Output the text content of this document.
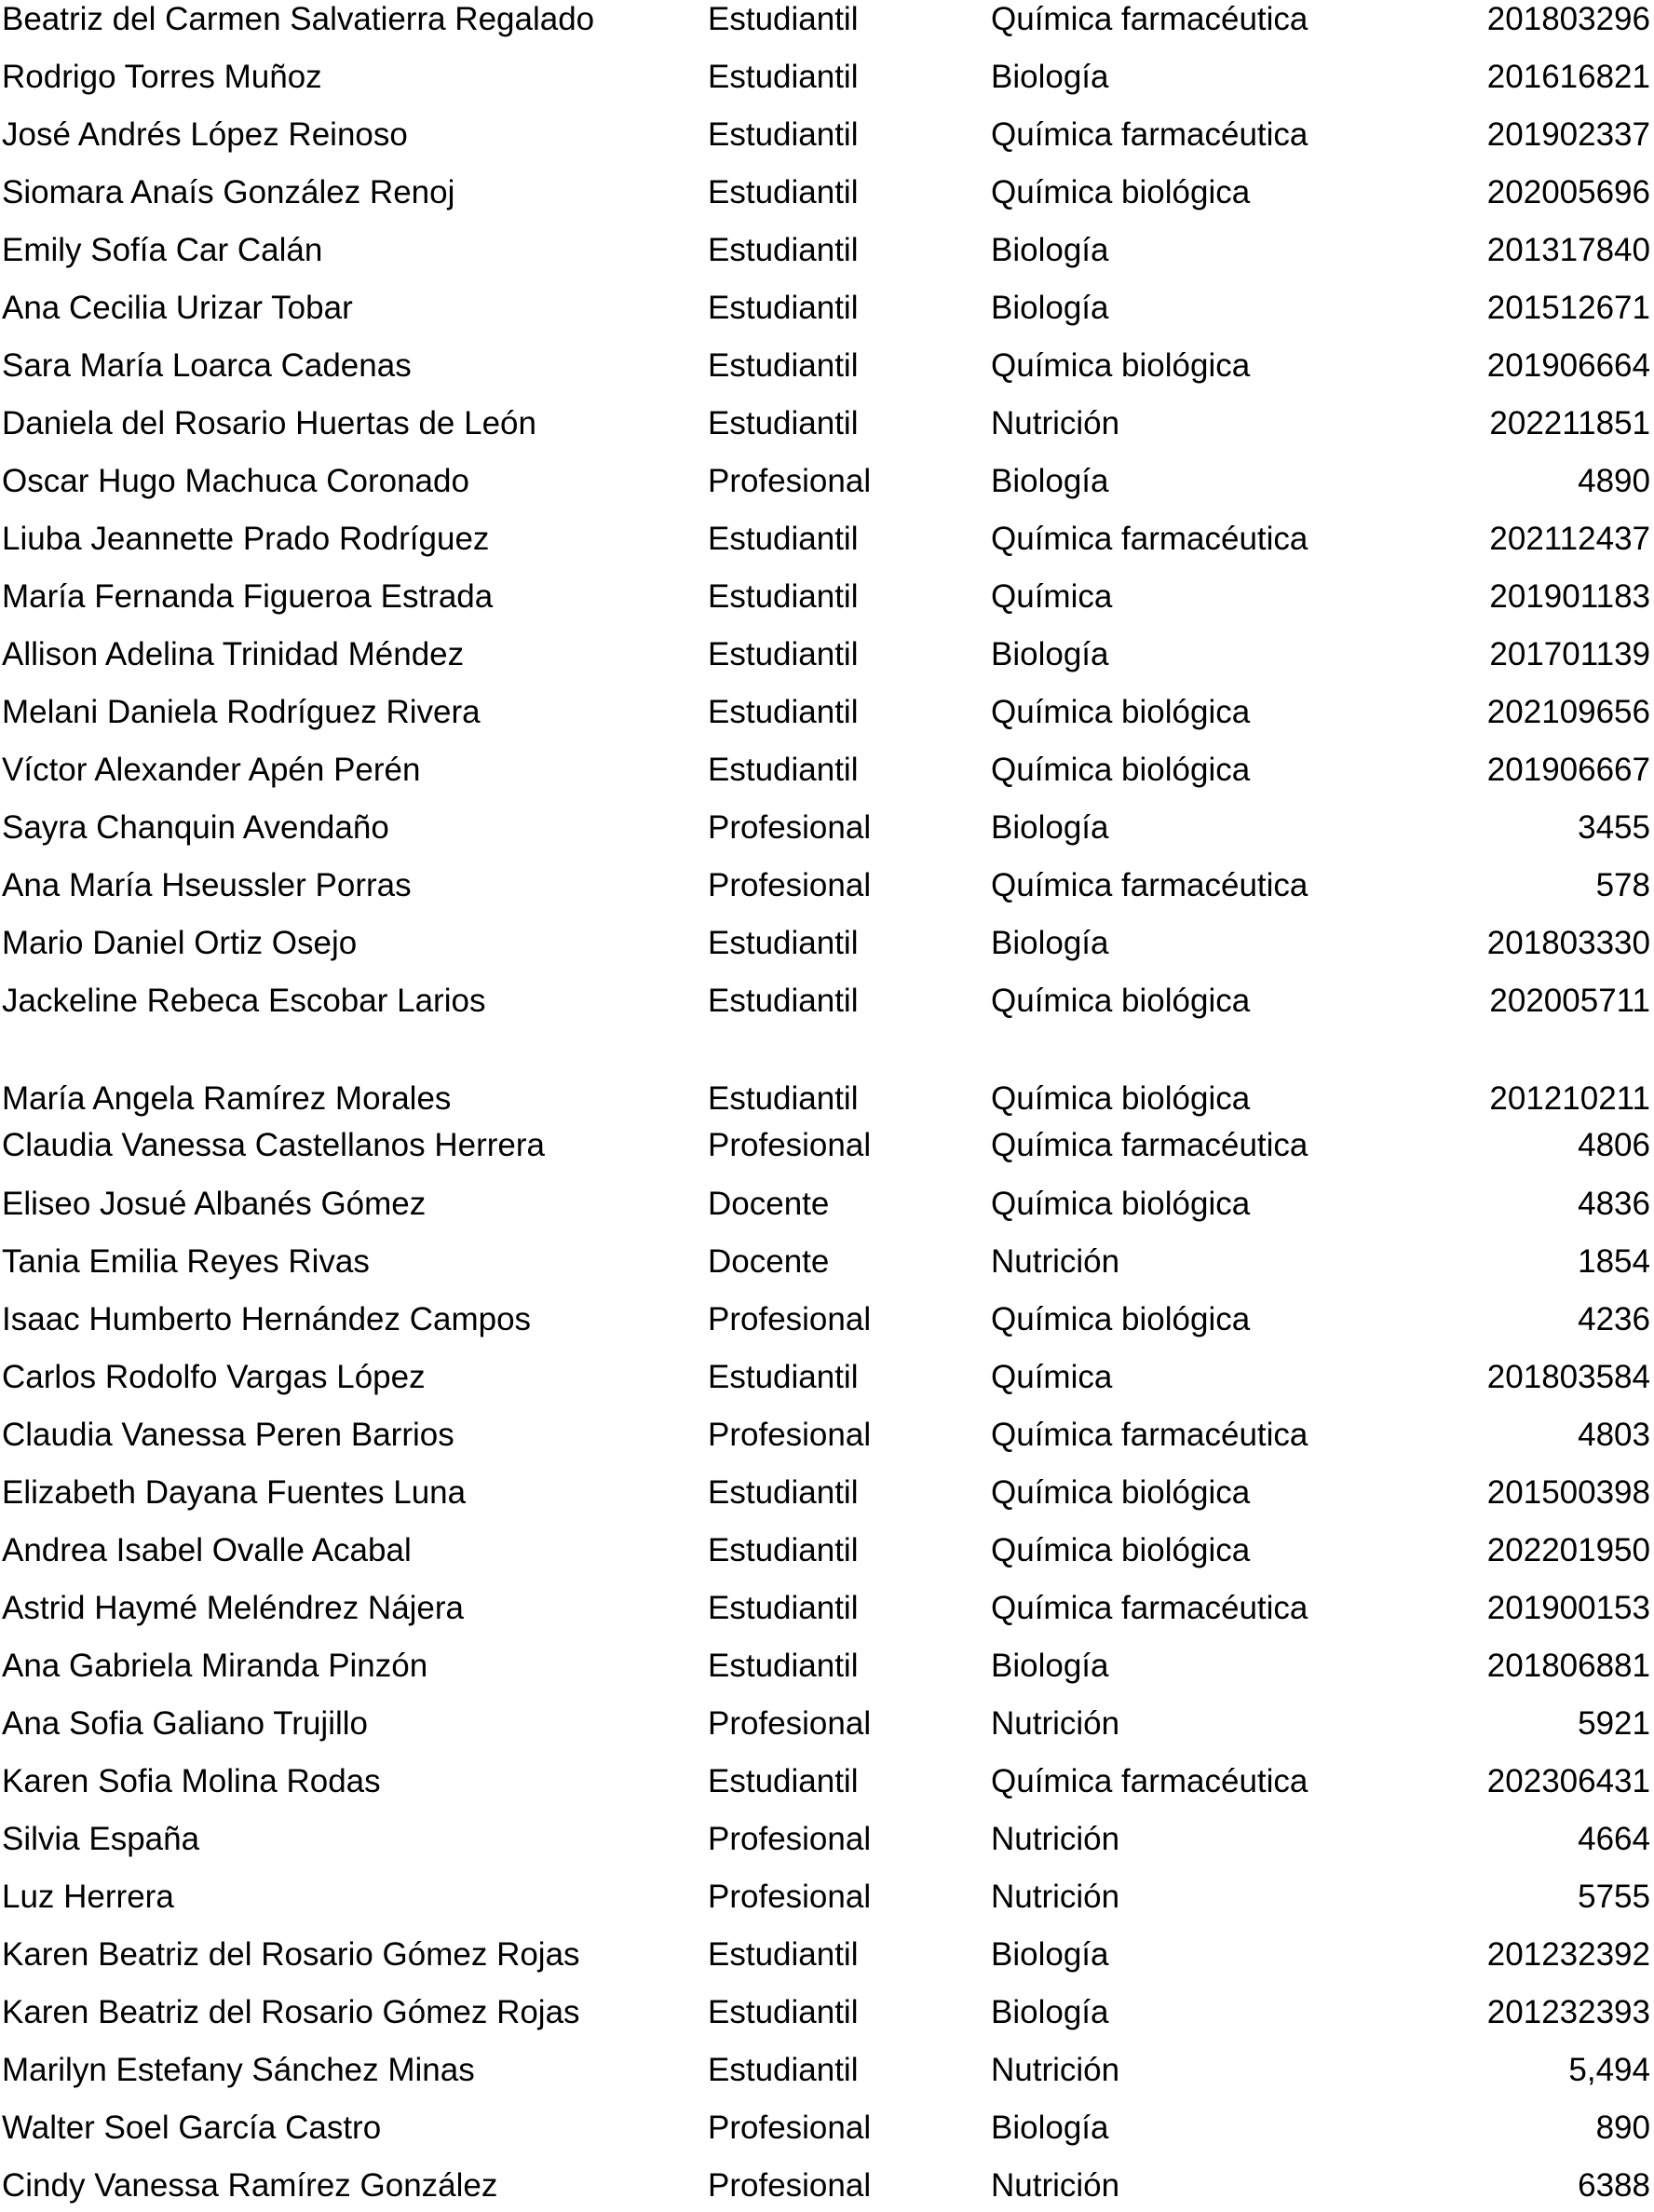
Beatriz del Carmen Salvatierra Regalado	Estudiantil	Química farmacéutica	201803296
Rodrigo Torres Muñoz	Estudiantil	Biología	201616821
José Andrés López Reinoso	Estudiantil	Química farmacéutica	201902337
Siomara Anaís González Renoj	Estudiantil	Química biológica	202005696
Emily Sofía Car Calán	Estudiantil	Biología	201317840
Ana Cecilia Urizar Tobar	Estudiantil	Biología	201512671
Sara María Loarca Cadenas	Estudiantil	Química biológica	201906664
Daniela del Rosario Huertas de León	Estudiantil	Nutrición	202211851
Oscar Hugo Machuca Coronado	Profesional	Biología	4890
Liuba Jeannette Prado Rodríguez	Estudiantil	Química farmacéutica	202112437
María Fernanda Figueroa Estrada	Estudiantil	Química	201901183
Allison Adelina Trinidad Méndez	Estudiantil	Biología	201701139
Melani Daniela Rodríguez Rivera	Estudiantil	Química biológica	202109656
Víctor Alexander Apén Perén	Estudiantil	Química biológica	201906667
Sayra Chanquin Avendaño	Profesional	Biología	3455
Ana María Hseussler Porras	Profesional	Química farmacéutica	578
Mario Daniel Ortiz Osejo	Estudiantil	Biología	201803330
Jackeline Rebeca Escobar Larios	Estudiantil	Química biológica	202005711
María Angela Ramírez Morales	Estudiantil	Química biológica	201210211
Claudia Vanessa Castellanos Herrera	Profesional	Química farmacéutica	4806
Eliseo Josué Albanés Gómez	Docente	Química biológica	4836
Tania Emilia Reyes Rivas	Docente	Nutrición	1854
Isaac Humberto Hernández Campos	Profesional	Química biológica	4236
Carlos Rodolfo Vargas López	Estudiantil	Química	201803584
Claudia Vanessa Peren Barrios	Profesional	Química farmacéutica	4803
Elizabeth Dayana Fuentes Luna	Estudiantil	Química biológica	201500398
Andrea Isabel Ovalle Acabal	Estudiantil	Química biológica	202201950
Astrid Haymé Meléndrez Nájera	Estudiantil	Química farmacéutica	201900153
Ana Gabriela Miranda Pinzón	Estudiantil	Biología	201806881
Ana Sofia Galiano Trujillo	Profesional	Nutrición	5921
Karen Sofia Molina Rodas	Estudiantil	Química farmacéutica	202306431
Silvia España	Profesional	Nutrición	4664
Luz Herrera	Profesional	Nutrición	5755
Karen Beatriz del Rosario Gómez Rojas	Estudiantil	Biología	201232392
Karen Beatriz del Rosario Gómez Rojas	Estudiantil	Biología	201232393
Marilyn Estefany Sánchez Minas	Estudiantil	Nutrición	5,494
Walter Soel García Castro	Profesional	Biología	890
Cindy Vanessa Ramírez González	Profesional	Nutrición	6388
